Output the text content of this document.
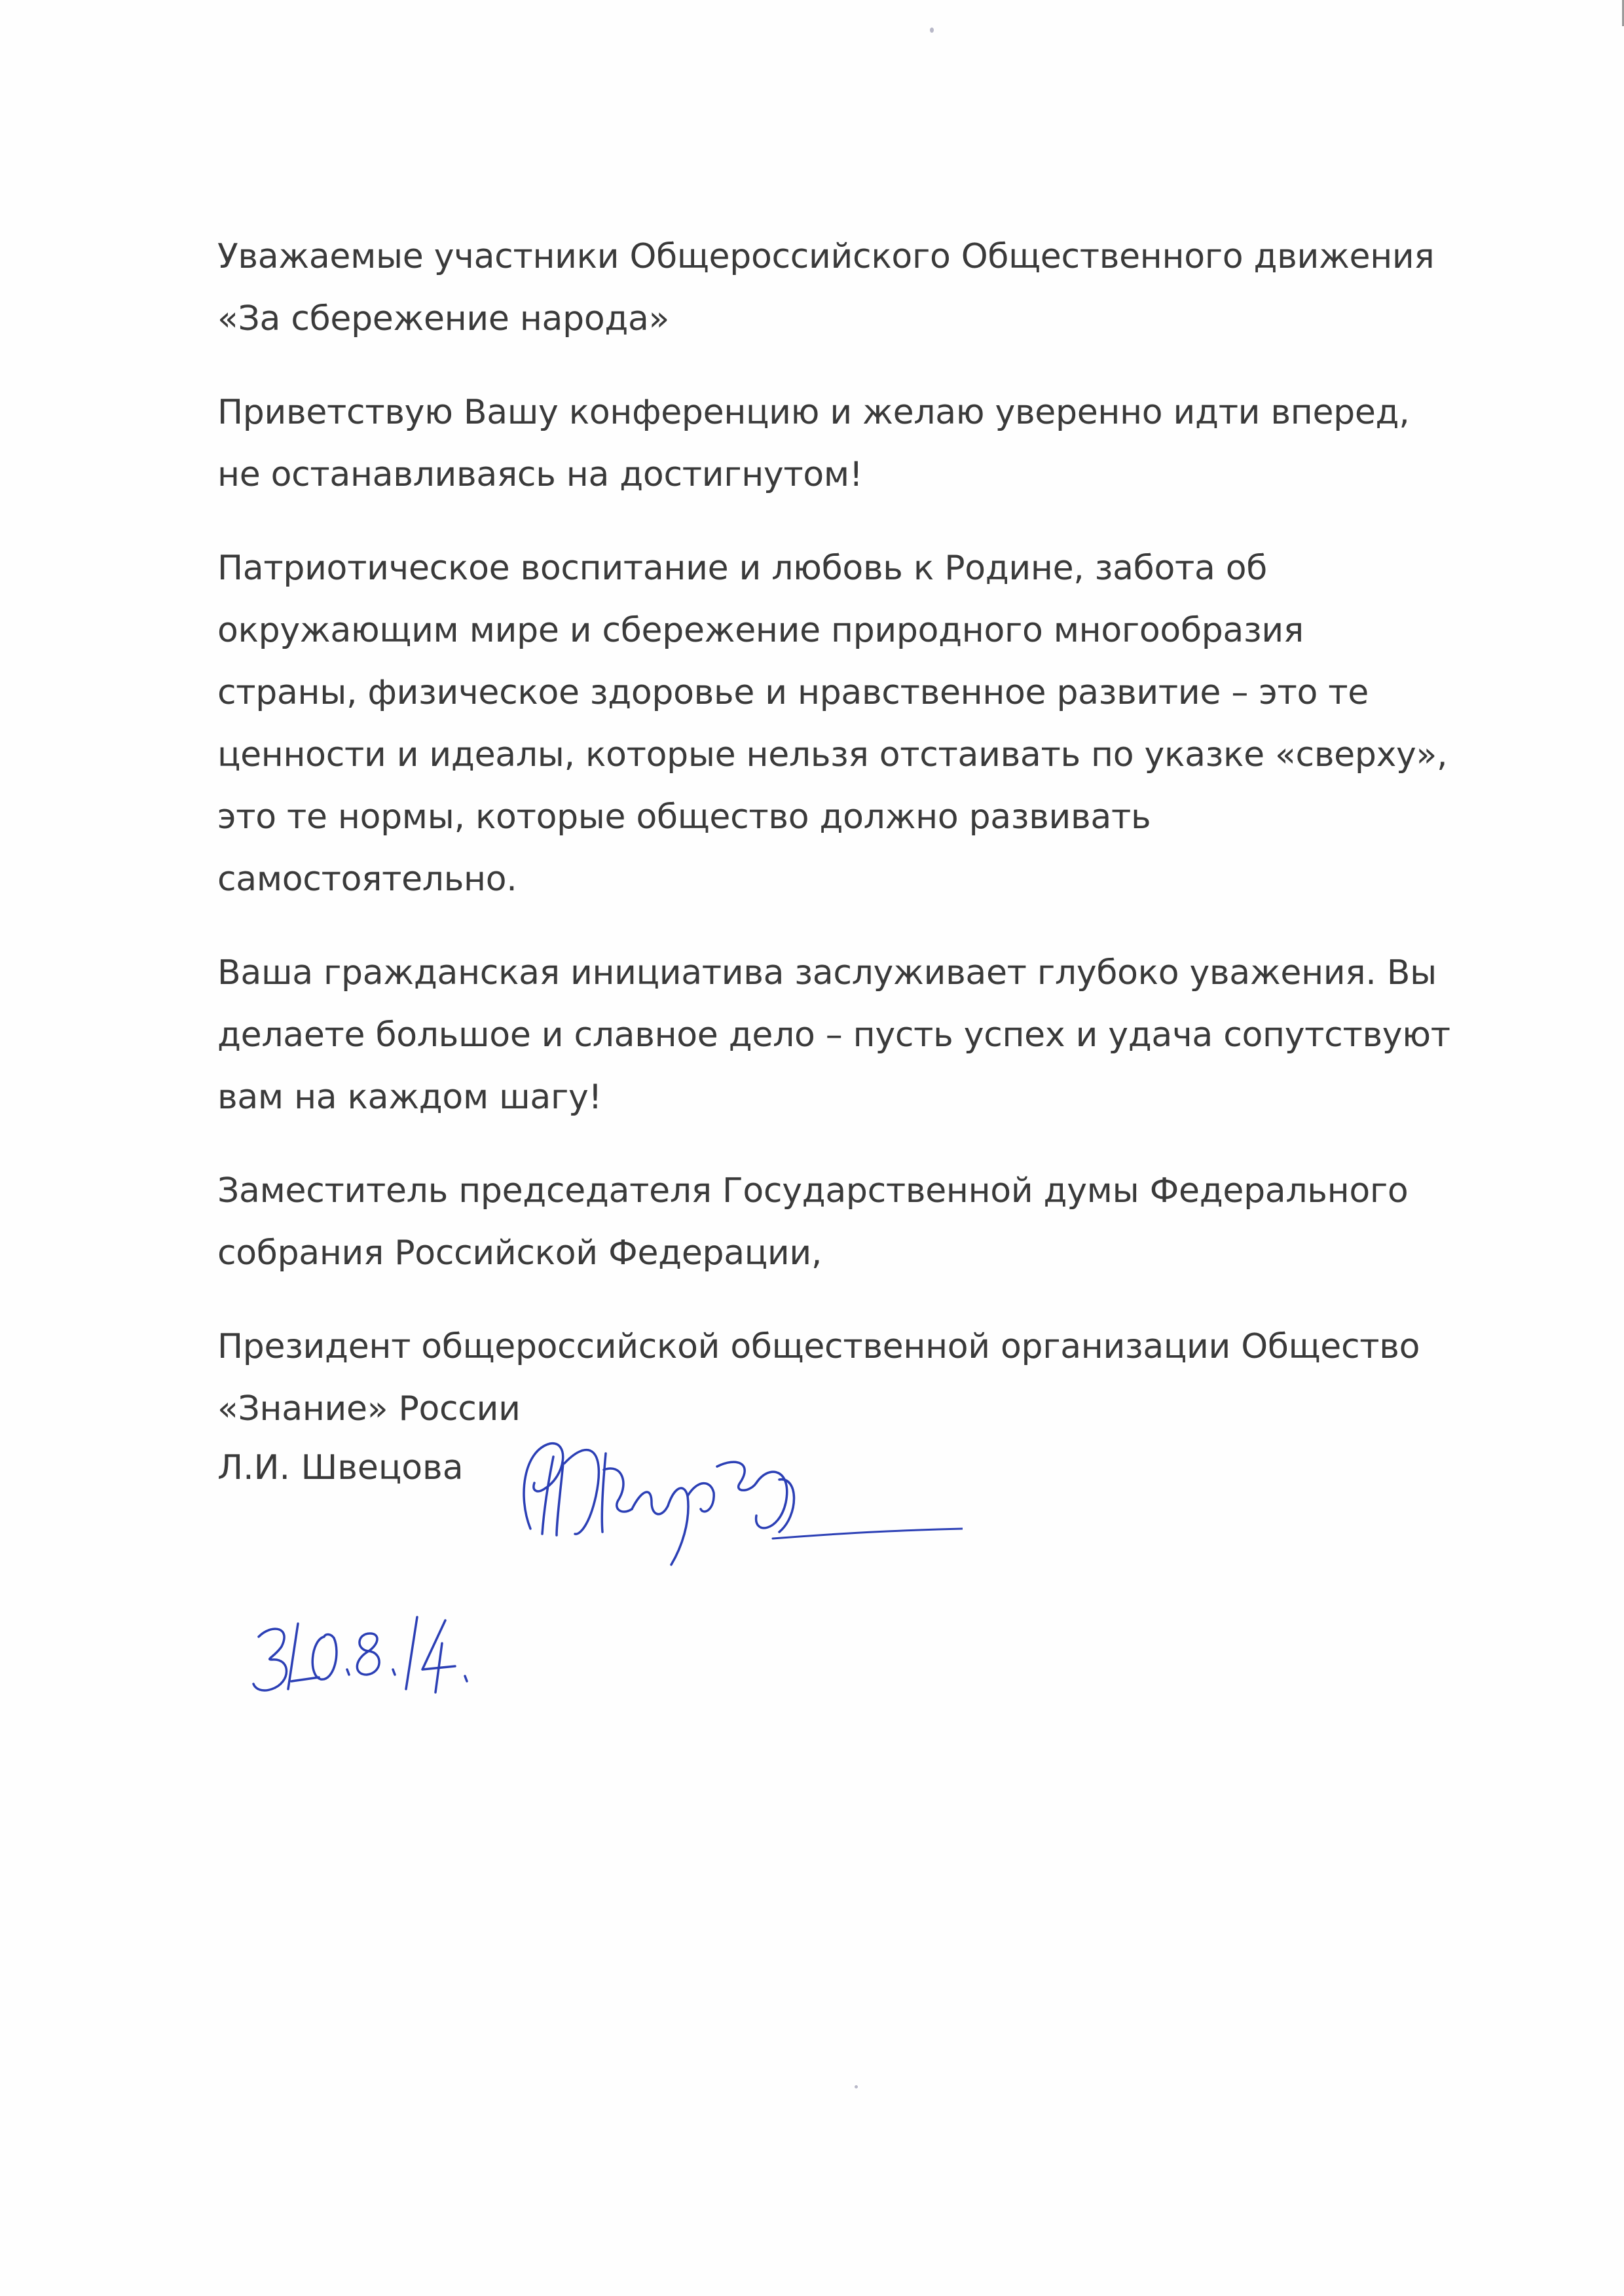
Уважаемые участники Общероссийского Общественного движения
«За сбережение народа»
Приветствую Вашу конференцию и желаю уверенно идти вперед,
не останавливаясь на достигнутом!
Патриотическое воспитание и любовь к Родине, забота об
окружающим мире и сбережение природного многообразия
страны, физическое здоровье и нравственное развитие – это те
ценности и идеалы, которые нельзя отстаивать по указке «сверху»,
это те нормы, которые общество должно развивать
самостоятельно.
Ваша гражданская инициатива заслуживает глубоко уважения. Вы
делаете большое и славное дело – пусть успех и удача сопутствуют
вам на каждом шагу!
Заместитель председателя Государственной думы Федерального
собрания Российской Федерации,
Президент общероссийской общественной организации Общество
«Знание» России
Л.И. Швецова
